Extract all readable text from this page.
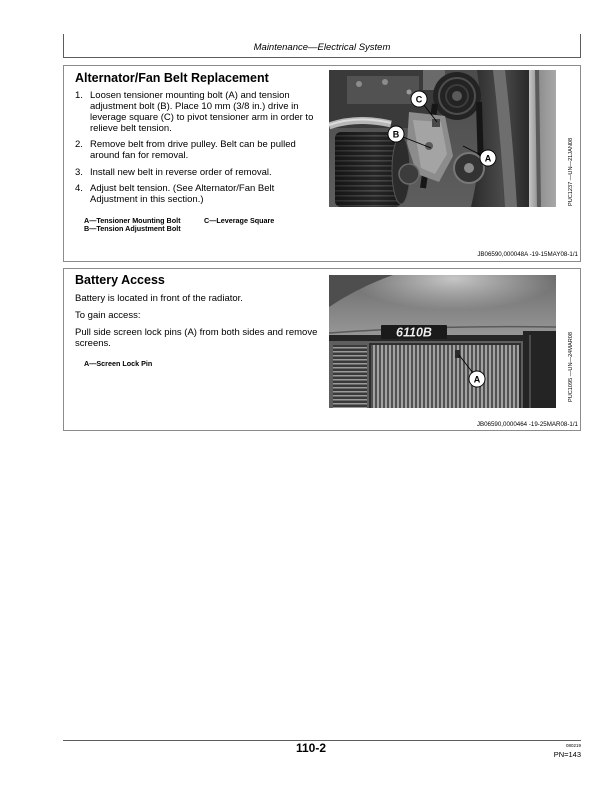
Maintenance—Electrical System
Alternator/Fan Belt Replacement
1. Loosen tensioner mounting bolt (A) and tension adjustment bolt (B). Place 10 mm (3/8 in.) drive in leverage square (C) to pivot tensioner arm in order to relieve belt tension.
2. Remove belt from drive pulley. Belt can be pulled around fan for removal.
3. Install new belt in reverse order of removal.
4. Adjust belt tension. (See Alternator/Fan Belt Adjustment in this section.)
A—Tensioner Mounting Bolt
B—Tension Adjustment Bolt
C—Leverage Square
JB06590,000048A -19-15MAY08-1/1
C
B
A	PUC1237 —UN—21JAN08
Battery Access

Battery is located in front of the radiator.

To gain access:

Pull side screen lock pins (A) from both sides and remove screens.

A—Screen Lock Pin
JB06590,0000464 -19-25MAR08-1/1
6110B
A	PUC1095 —UN—24MAR08
110-2	080219
PN=143
